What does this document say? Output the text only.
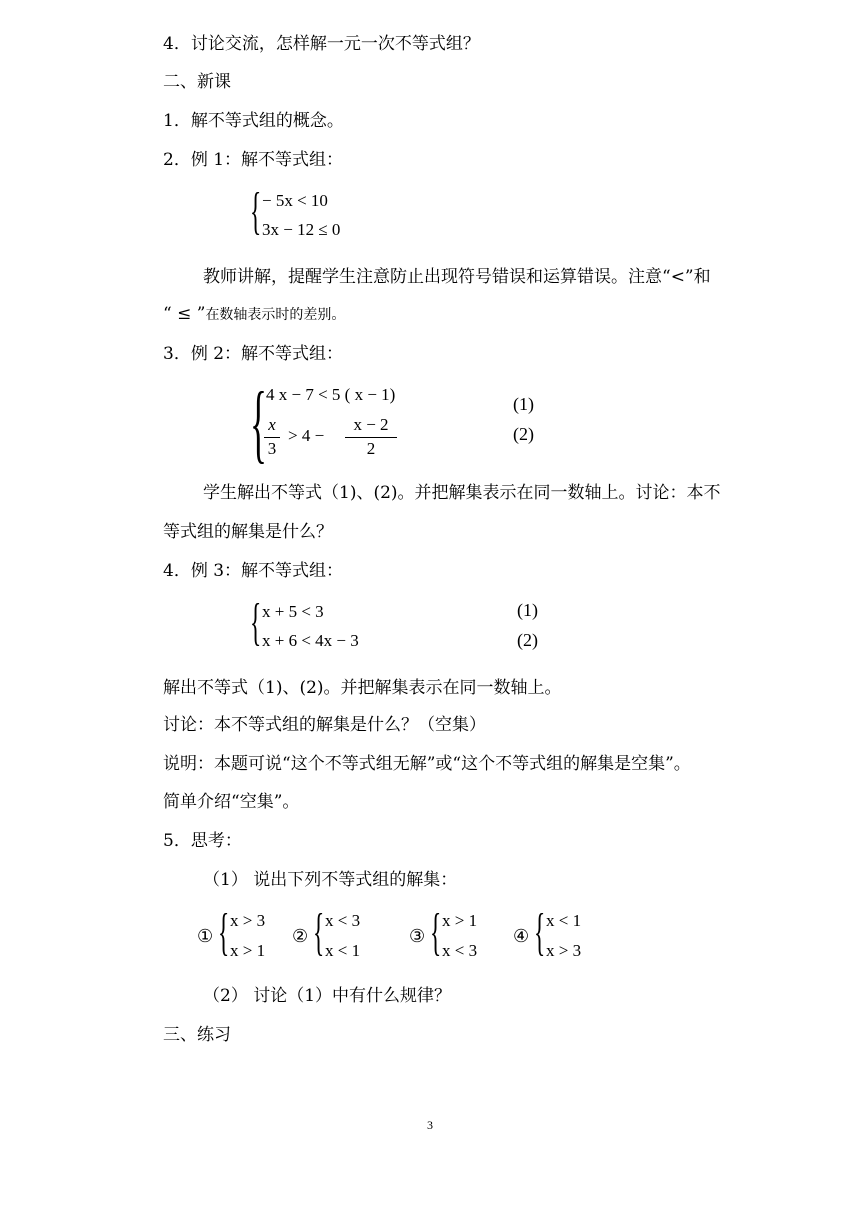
4．讨论交流，怎样解一元一次不等式组？
二、新课
1．解不等式组的概念。
2．例 1：解不等式组：
{ − 5x < 10
3x − 12 ≤ 0
教师讲解，提醒学生注意防止出现符号错误和运算错误。注意“<”和
“ ≤ ”在数轴表示时的差别。
3．例 2：解不等式组：
{ 4 x − 7 < 5 ( x − 1)
x
3
> 4 −
x − 2
2
(1)
(2)
学生解出不等式（1)、(2)。并把解集表示在同一数轴上。讨论：本不
等式组的解集是什么？
4．例 3：解不等式组：
{ x + 5 < 3
x + 6 < 4x − 3
(1)
(2)
解出不等式（1)、(2)。并把解集表示在同一数轴上。
讨论：本不等式组的解集是什么？（空集）
说明：本题可说“这个不等式组无解”或“这个不等式组的解集是空集”。
简单介绍“空集”。
5．思考：
（1） 说出下列不等式组的解集：
① { x > 3
x > 1
② { x < 3
x < 1
③ { x > 1
x < 3
④ { x < 1
x > 3
（2） 讨论（1）中有什么规律？
三、练习
3
